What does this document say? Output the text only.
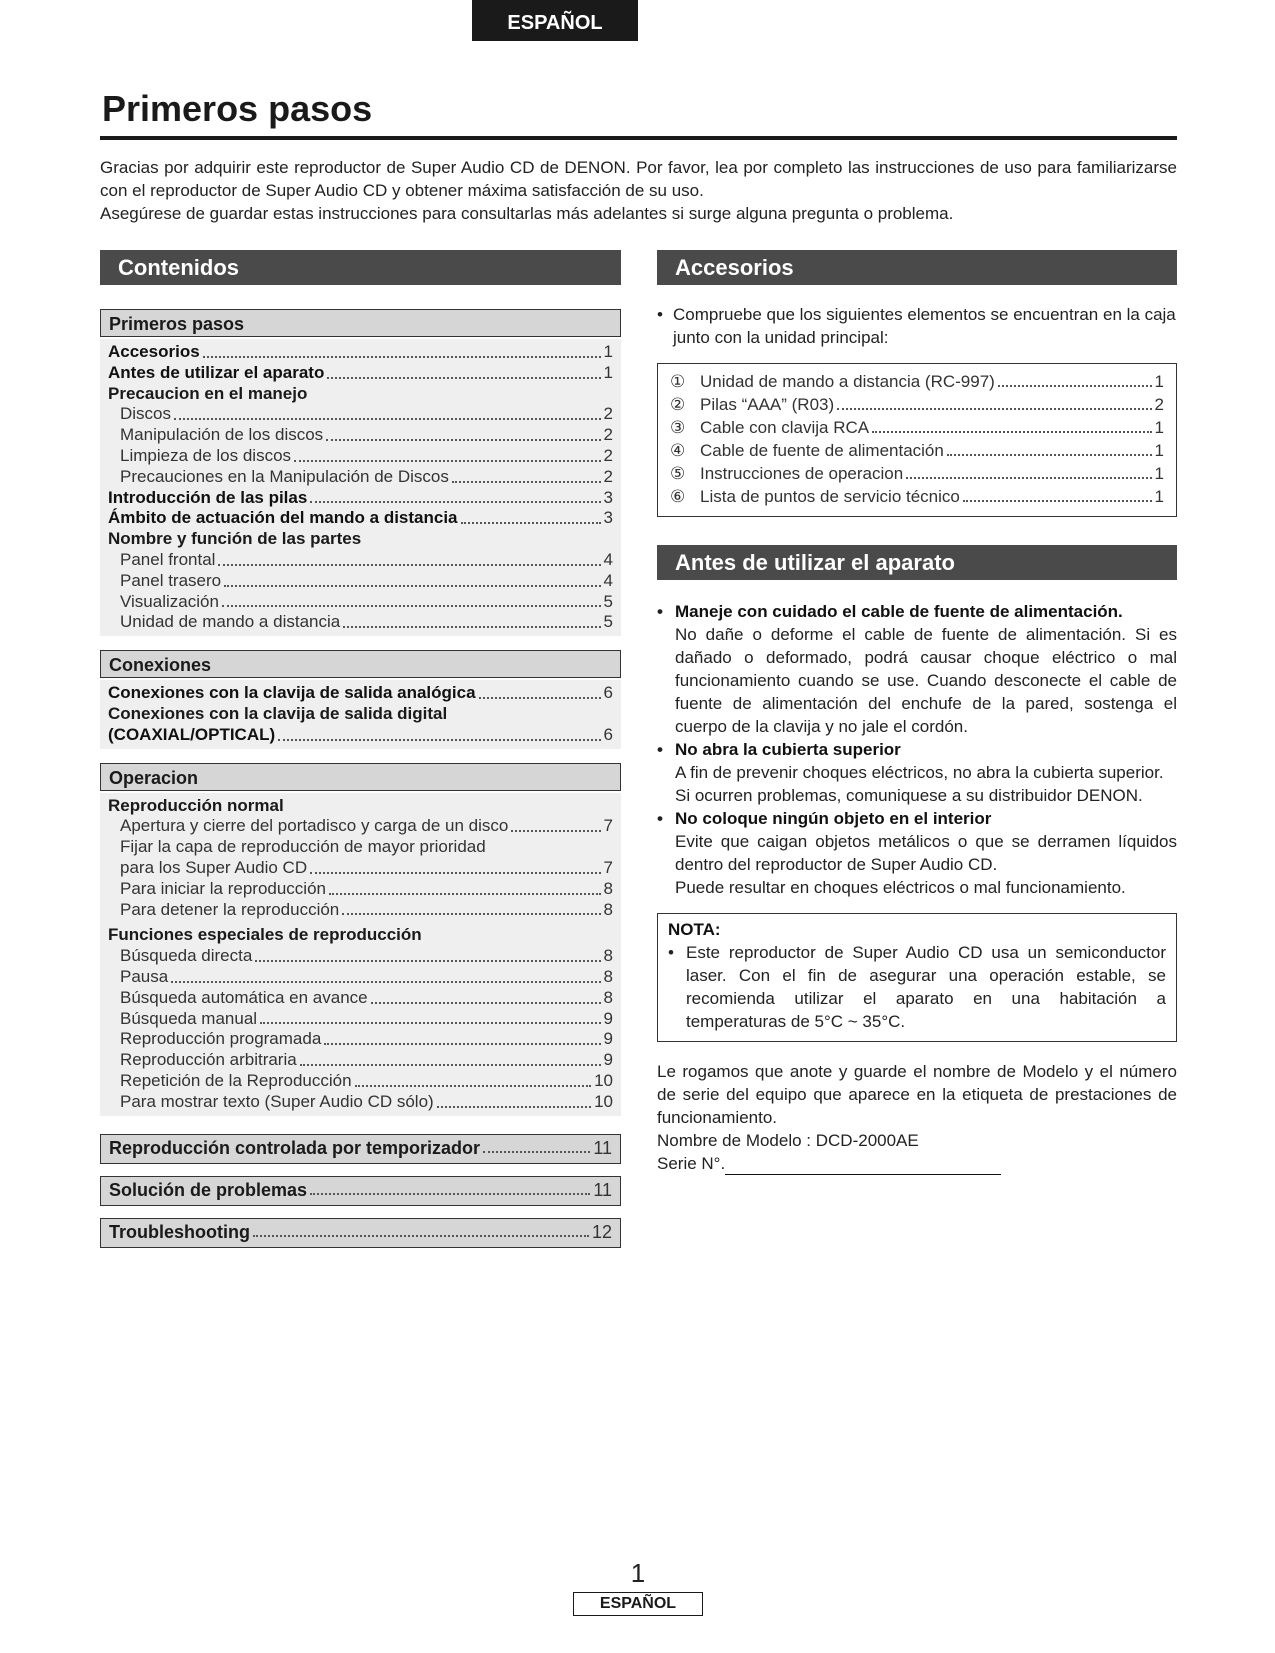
ESPAÑOL
Primeros pasos

Gracias por adquirir este reproductor de Super Audio CD de DENON. Por favor, lea por completo las instrucciones de uso para familiarizarse con el reproductor de Super Audio CD y obtener máxima satisfacción de su uso.

Asegúrese de guardar estas instrucciones para consultarlas más adelantes si surge alguna pregunta o problema.

Contenidos
Primeros pasos
Accesorios	1
Antes de utilizar el aparato	1
Precaucion en el manejo
Discos	2
Manipulación de los discos	2
Limpieza de los discos	2
Precauciones en la Manipulación de Discos	2
Introducción de las pilas	3
Ámbito de actuación del mando a distancia	3
Nombre y función de las partes
Panel frontal	4
Panel trasero	4
Visualización	5
Unidad de mando a distancia	5
Conexiones
Conexiones con la clavija de salida analógica	6
Conexiones con la clavija de salida digital
(COAXIAL/OPTICAL)	6
Operacion
Reproducción normal
Apertura y cierre del portadisco y carga de un disco	7
Fijar la capa de reproducción de mayor prioridad
para los Super Audio CD	7
Para iniciar la reproducción	8
Para detener la reproducción	8
Funciones especiales de reproducción
Búsqueda directa	8
Pausa	8
Búsqueda automática en avance	8
Búsqueda manual	9
Reproducción programada	9
Reproducción arbitraria	9
Repetición de la Reproducción	10
Para mostrar texto (Super Audio CD sólo)	10
Reproducción controlada por temporizador	11
Solución de problemas	11
Troubleshooting	12
Accesorios
• Compruebe que los siguientes elementos se encuentran en la caja junto con la unidad principal:
① Unidad de mando a distancia (RC-997)	1
② Pilas “AAA” (R03)	2
③ Cable con clavija RCA	1
④ Cable de fuente de alimentación	1
⑤ Instrucciones de operacion	1
⑥ Lista de puntos de servicio técnico	1
Antes de utilizar el aparato
• Manеje con cuidado el cable de fuente de alimentación.

No dañe o deforme el cable de fuente de alimentación. Si es dañado o deformado, podrá causar choque eléctrico o mal funcionamiento cuando se use. Cuando desconecte el cable de fuente de alimentación del enchufe de la pared, sostenga el cuerpo de la clavija y no jale el cordón.

• No abra la cubierta superior

A fin de prevenir choques eléctricos, no abra la cubierta superior.

Si ocurren problemas, comuniquese a su distribuidor DENON.

• No coloque ningún objeto en el interior

Evite que caigan objetos metálicos o que se derramen líquidos dentro del reproductor de Super Audio CD.

Puede resultar en choques eléctricos o mal funcionamiento.

NOTA:
• Este reproductor de Super Audio CD usa un semiconductor laser. Con el fin de asegurar una operación estable, se recomienda utilizar el aparato en una habitación a temperaturas de 5°C ~ 35°C.

Le rogamos que anote y guarde el nombre de Modelo y el número de serie del equipo que aparece en la etiqueta de prestaciones de funcionamiento.

Nombre de Modelo : DCD-2000AE

Serie N°.

1
ESPAÑOL
